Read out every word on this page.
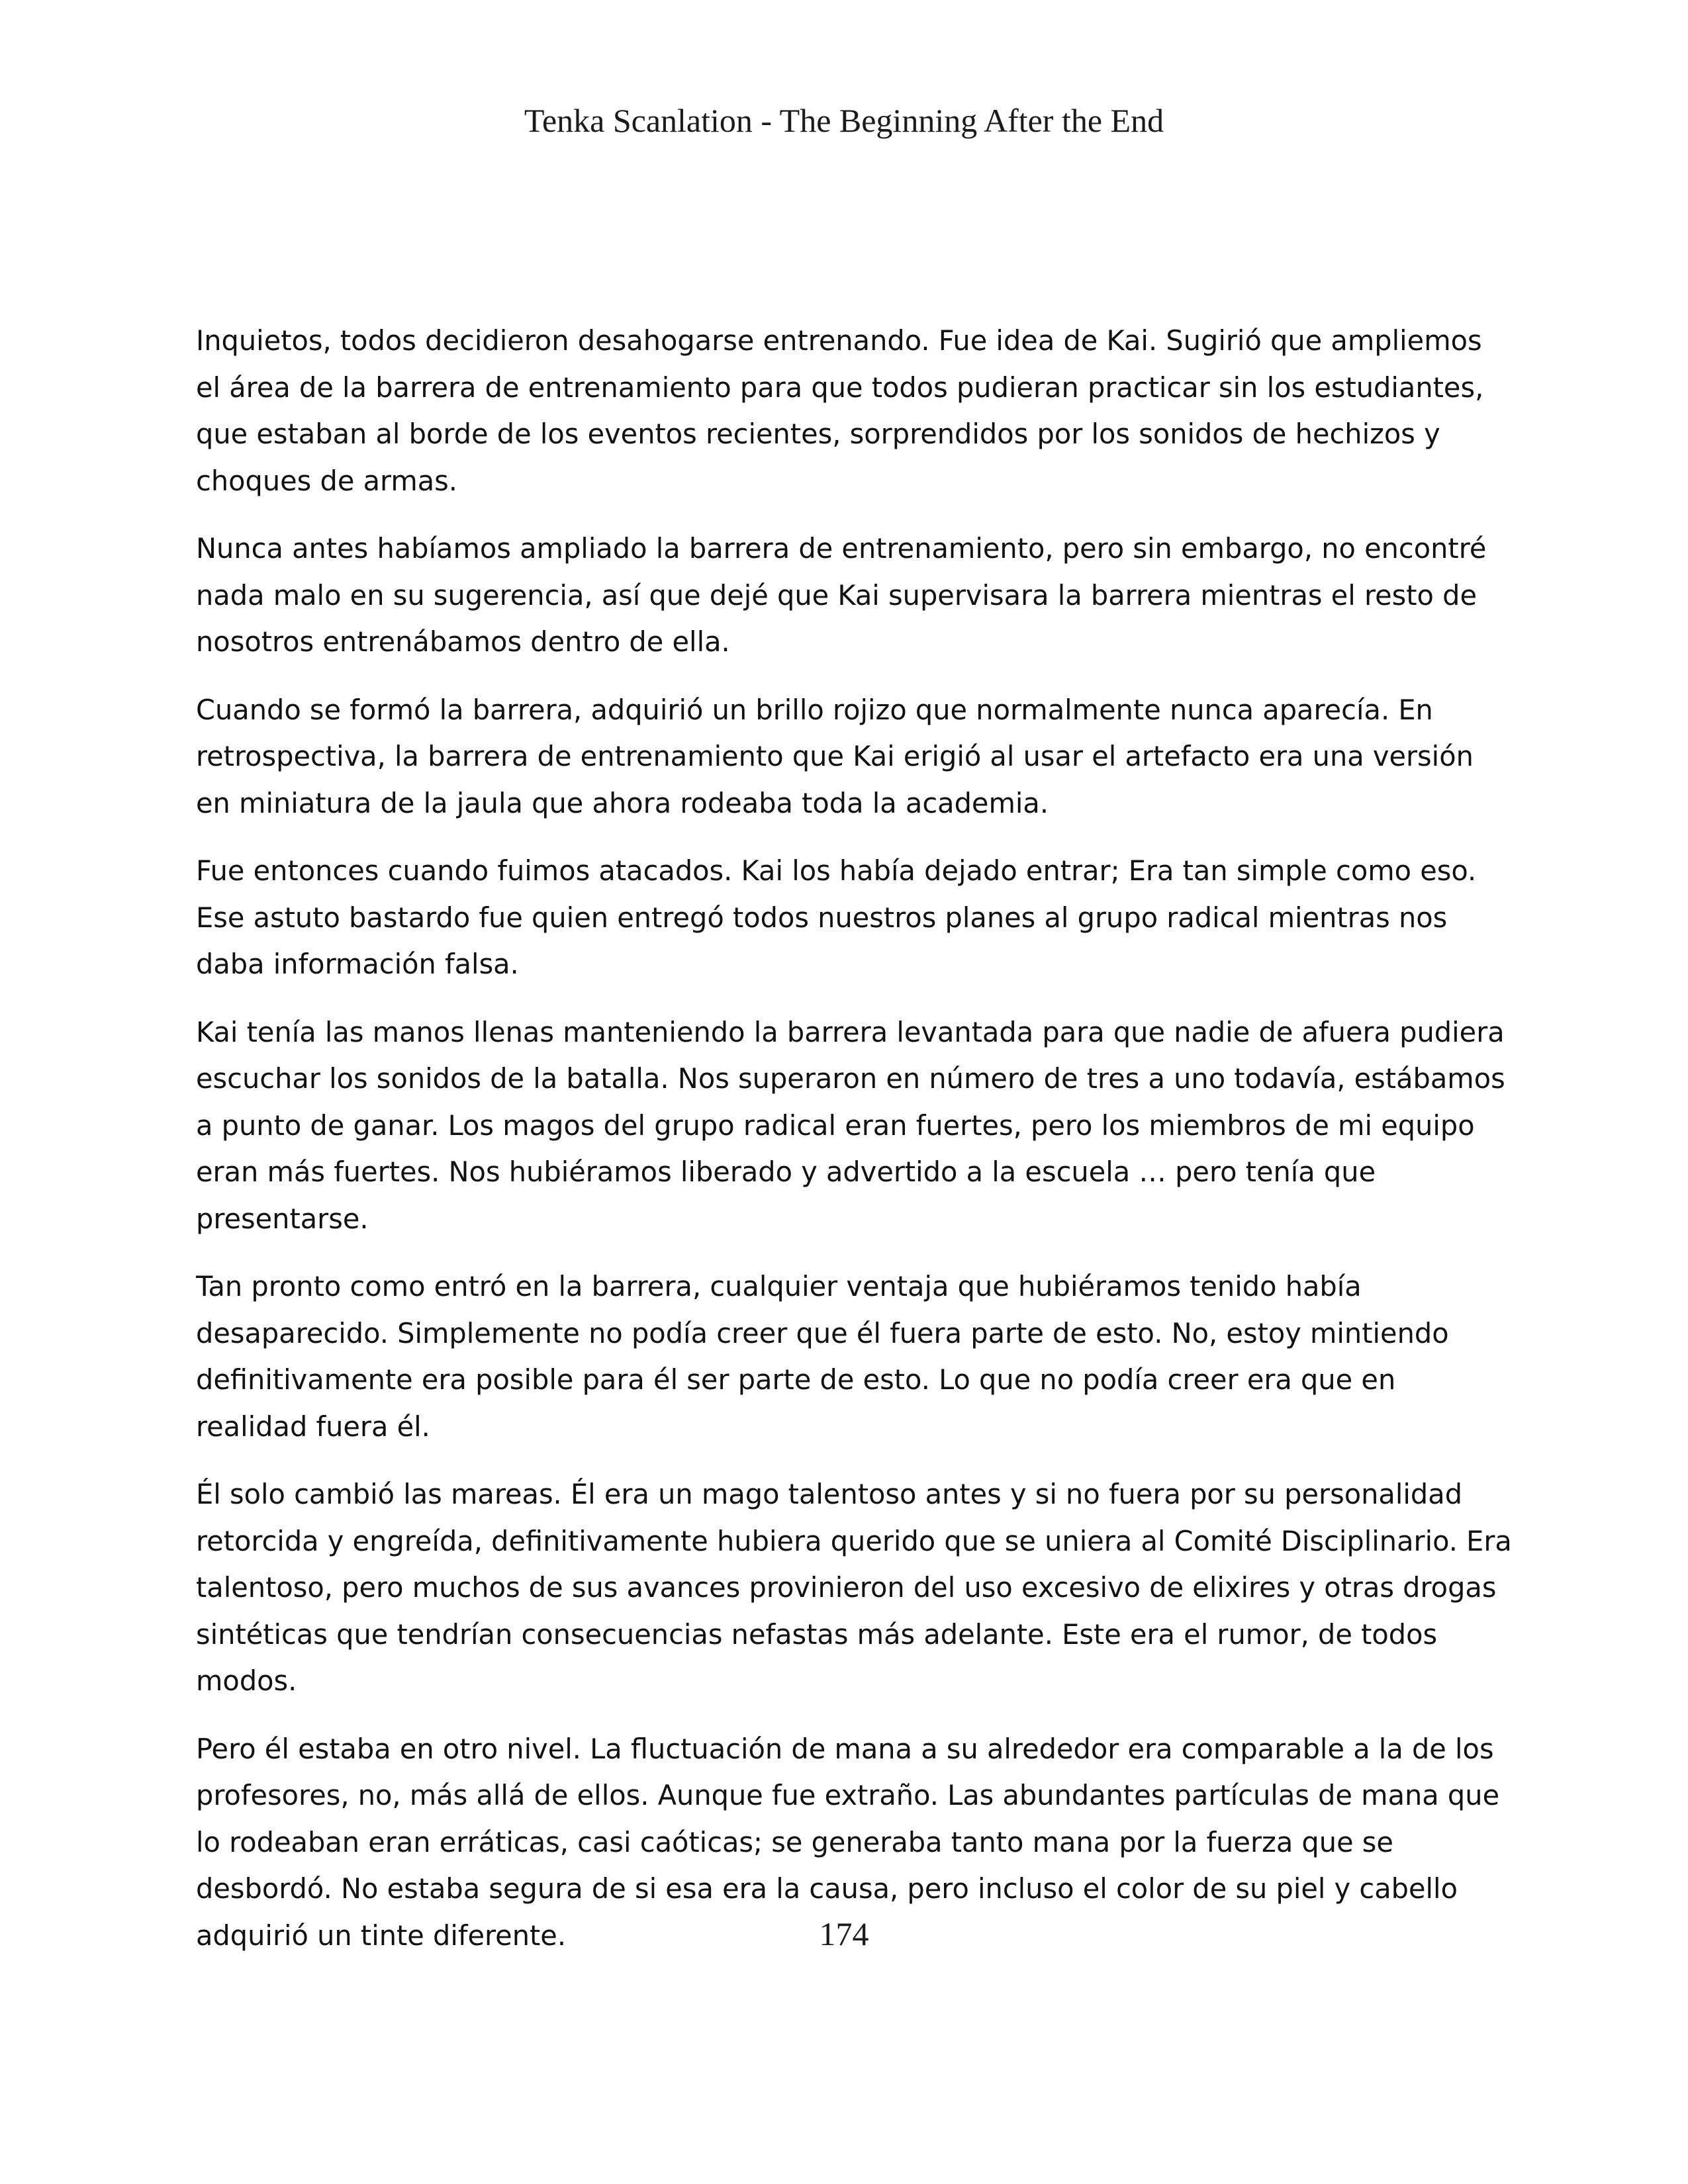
Tenka Scanlation - The Beginning After the End

Inquietos, todos decidieron desahogarse entrenando. Fue idea de Kai. Sugirió que ampliemos el área de la barrera de entrenamiento para que todos pudieran practicar sin los estudiantes, que estaban al borde de los eventos recientes, sorprendidos por los sonidos de hechizos y choques de armas.

Nunca antes habíamos ampliado la barrera de entrenamiento, pero sin embargo, no encontré nada malo en su sugerencia, así que dejé que Kai supervisara la barrera mientras el resto de nosotros entrenábamos dentro de ella.

Cuando se formó la barrera, adquirió un brillo rojizo que normalmente nunca aparecía. En retrospectiva, la barrera de entrenamiento que Kai erigió al usar el artefacto era una versión en miniatura de la jaula que ahora rodeaba toda la academia.

Fue entonces cuando fuimos atacados. Kai los había dejado entrar; Era tan simple como eso. Ese astuto bastardo fue quien entregó todos nuestros planes al grupo radical mientras nos daba información falsa.

Kai tenía las manos llenas manteniendo la barrera levantada para que nadie de afuera pudiera escuchar los sonidos de la batalla. Nos superaron en número de tres a uno todavía, estábamos a punto de ganar. Los magos del grupo radical eran fuertes, pero los miembros de mi equipo eran más fuertes. Nos hubiéramos liberado y advertido a la escuela … pero tenía que presentarse.

Tan pronto como entró en la barrera, cualquier ventaja que hubiéramos tenido había desaparecido. Simplemente no podía creer que él fuera parte de esto. No, estoy mintiendo definitivamente era posible para él ser parte de esto. Lo que no podía creer era que en realidad fuera él.

Él solo cambió las mareas. Él era un mago talentoso antes y si no fuera por su personalidad retorcida y engreída, definitivamente hubiera querido que se uniera al Comité Disciplinario. Era talentoso, pero muchos de sus avances provinieron del uso excesivo de elixires y otras drogas sintéticas que tendrían consecuencias nefastas más adelante. Este era el rumor, de todos modos.

Pero él estaba en otro nivel. La fluctuación de mana a su alrededor era comparable a la de los profesores, no, más allá de ellos. Aunque fue extraño. Las abundantes partículas de mana que lo rodeaban eran erráticas, casi caóticas; se generaba tanto mana por la fuerza que se desbordó. No estaba segura de si esa era la causa, pero incluso el color de su piel y cabello adquirió un tinte diferente.	174
